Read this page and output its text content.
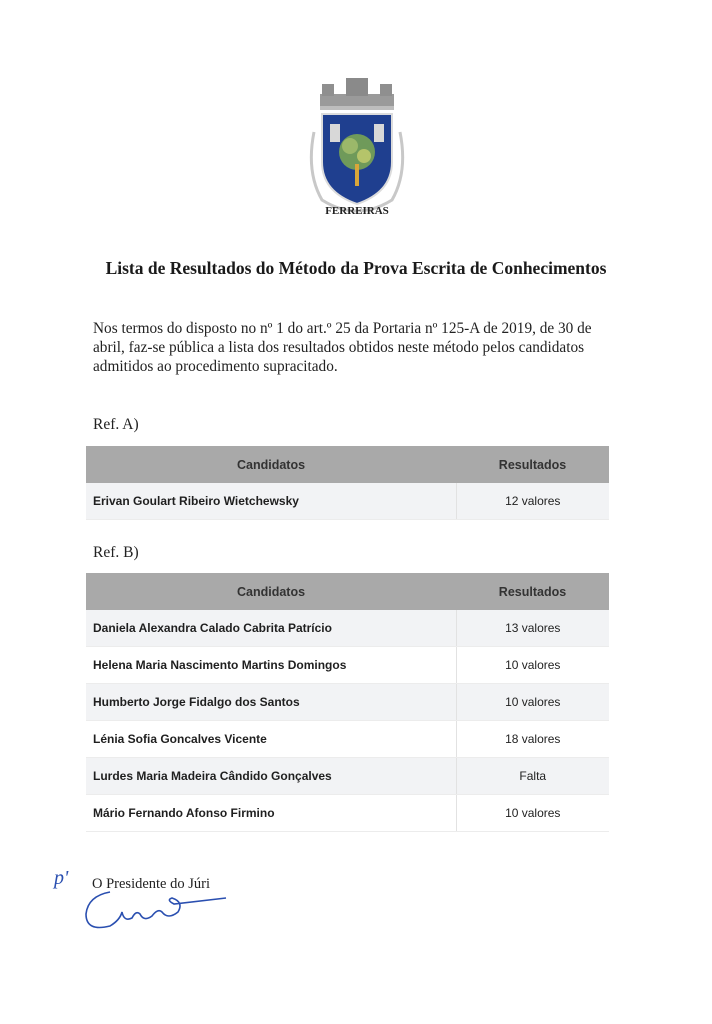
FERREIRAS
Lista de Resultados do Método da Prova Escrita de Conhecimentos
Nos termos do disposto no nº 1 do art.º 25 da Portaria nº 125-A de 2019, de 30 de abril, faz-se pública a lista dos resultados obtidos neste método pelos candidatos admitidos ao procedimento supracitado.
Ref. A)
Candidatos	Resultados
Erivan Goulart Ribeiro Wietchewsky	12 valores
Ref. B)
Candidatos	Resultados
Daniela Alexandra Calado Cabrita Patrício	13 valores
Helena Maria Nascimento Martins Domingos	10 valores
Humberto Jorge Fidalgo dos Santos	10 valores
Lénia Sofia Goncalves Vicente	18 valores
Lurdes Maria Madeira Cândido Gonçalves	Falta
Mário Fernando Afonso Firmino	10 valores
O Presidente do Júri
p'
